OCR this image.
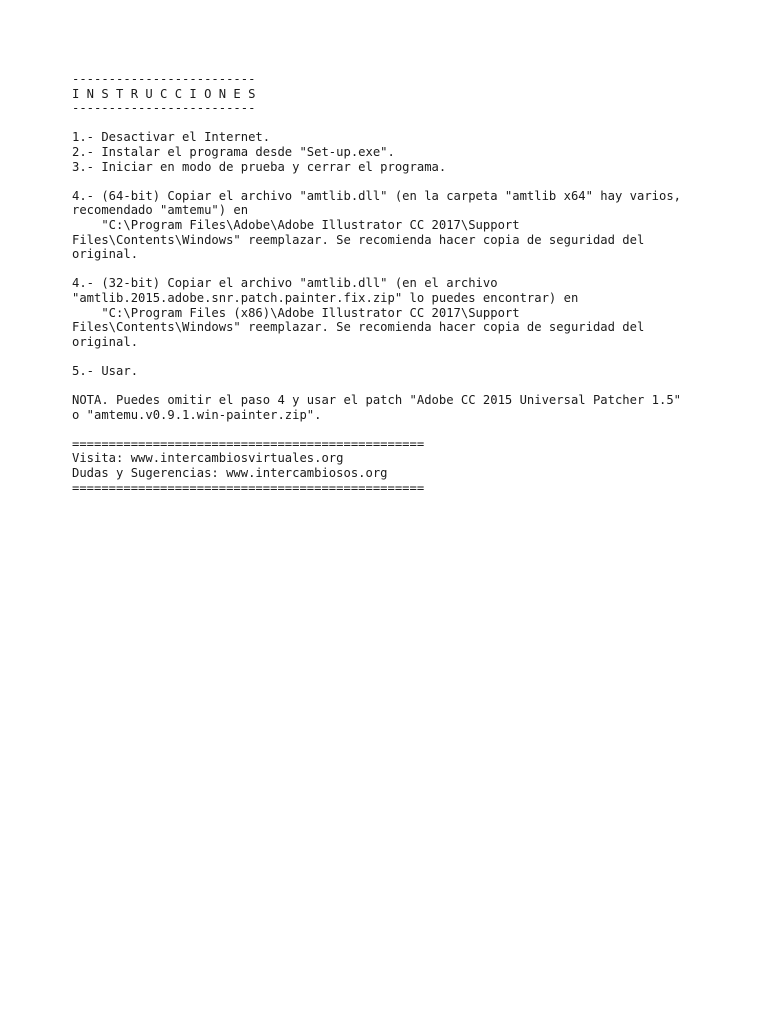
-------------------------
I N S T R U C C I O N E S
-------------------------
1.- Desactivar el Internet.
2.- Instalar el programa desde "Set-up.exe".
3.- Iniciar en modo de prueba y cerrar el programa.
4.- (64-bit) Copiar el archivo "amtlib.dll" (en la carpeta "amtlib x64" hay varios,
recomendado "amtemu") en
"C:\Program Files\Adobe\Adobe Illustrator CC 2017\Support
Files\Contents\Windows" reemplazar. Se recomienda hacer copia de seguridad del
original.
4.- (32-bit) Copiar el archivo "amtlib.dll" (en el archivo
"amtlib.2015.adobe.snr.patch.painter.fix.zip" lo puedes encontrar) en
"C:\Program Files (x86)\Adobe Illustrator CC 2017\Support
Files\Contents\Windows" reemplazar. Se recomienda hacer copia de seguridad del
original.
5.- Usar.
NOTA. Puedes omitir el paso 4 y usar el patch "Adobe CC 2015 Universal Patcher 1.5"
o "amtemu.v0.9.1.win-painter.zip".
================================================
Visita: www.intercambiosvirtuales.org
Dudas y Sugerencias: www.intercambiosos.org
================================================
